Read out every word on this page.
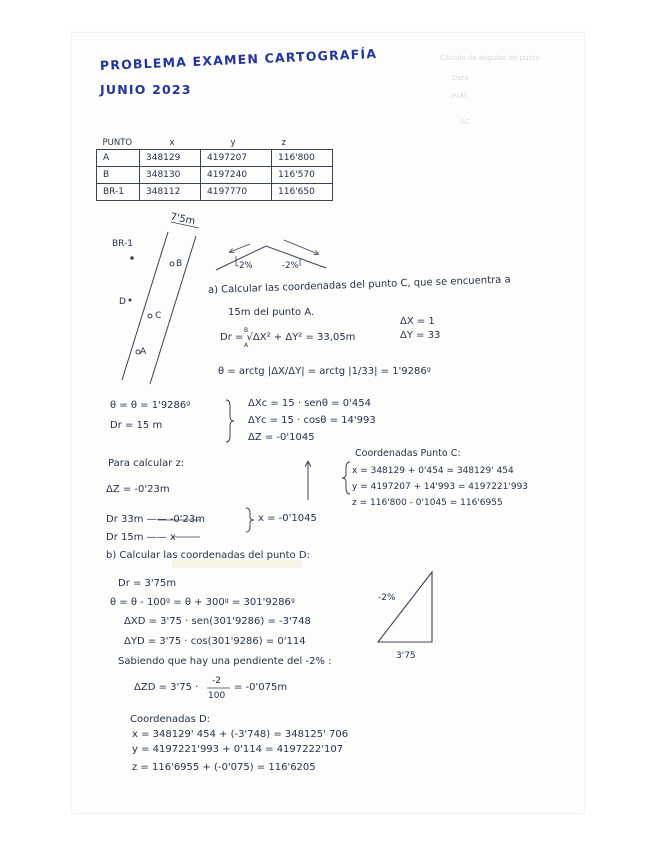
Cálculo de ángulos de punto
Dato
PLM
AC
PROBLEMA EXAMEN CARTOGRAFÍA
JUNIO 2023
PUNTO	x	y	z
A	348129	4197207	116'800
B	348130	4197240	116'570
BR-1	348112	4197770	116'650
7'5m
BR-1
B
C
D
A
-2%	-2%
a) Calcular las coordenadas del punto C, que se encuentra a
15m del punto A.
Dr = √ΔX² + ΔY² = 33,05m
B
A
ΔX = 1
ΔY = 33
θ = arctg |ΔX/ΔY| = arctg |1/33| = 1'9286ᵍ
θ = θ = 1'9286ᵍ
Dr = 15 m
ΔXc = 15 · senθ = 0'454
ΔYc = 15 · cosθ = 14'993
ΔZ = -0'1045
Coordenadas Punto C:
x = 348129 + 0'454 = 348129' 454
y = 4197207 + 14'993 = 4197221'993
z = 116'800 - 0'1045 = 116'6955
Para calcular z:
ΔZ = -0'23m
Dr 33m —— -0'23m
Dr 15m —— x
x = -0'1045
b) Calcular las coordenadas del punto D:
Dr = 3'75m
θ = θ - 100ᵍ = θ + 300ᵍ = 301'9286ᵍ
ΔXD = 3'75 · sen(301'9286) = -3'748
ΔYD = 3'75 · cos(301'9286) = 0'114
Sabiendo que hay una pendiente del -2% :
ΔZD = 3'75 ·
-2
100
= -0'075m
-2%
3'75
Coordenadas D:
x = 348129' 454 + (-3'748) = 348125' 706
y = 4197221'993 + 0'114 = 4197222'107
z = 116'6955 + (-0'075) = 116'6205
